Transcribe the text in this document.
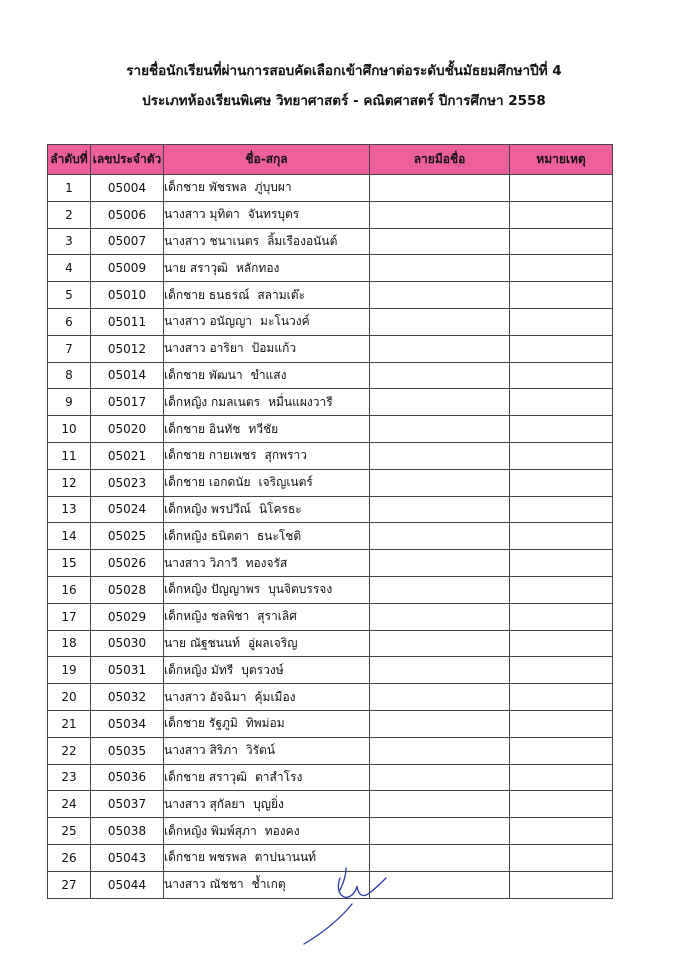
รายชื่อนักเรียนที่ผ่านการสอบคัดเลือกเข้าศึกษาต่อระดับชั้นมัธยมศึกษาปีที่ 4
ประเภทห้องเรียนพิเศษ วิทยาศาสตร์ - คณิตศาสตร์ ปีการศึกษา 2558
ลำดับที่	เลขประจำตัว	ชื่อ-สกุล	ลายมือชื่อ	หมายเหตุ
1	05004	เด็กชาย พัชรพล ภู่บุบผา		
2	05006	นางสาว มุทิตา จันทรบุตร		
3	05007	นางสาว ชนาเนตร ลิ้มเรืองอนันต์		
4	05009	นาย สราวุฒิ หลักทอง		
5	05010	เด็กชาย ธนธรณ์ สลามเต๊ะ		
6	05011	นางสาว อนัญญา มะโนวงค์		
7	05012	นางสาว อาริยา ป้อมแก้ว		
8	05014	เด็กชาย พัฒนา ขำแสง		
9	05017	เด็กหญิง กมลเนตร หมื่นแผงวารี		
10	05020	เด็กชาย อินทัช ทวีชัย		
11	05021	เด็กชาย กายเพชร สุกพราว		
12	05023	เด็กชาย เอกดนัย เจริญเนตร์		
13	05024	เด็กหญิง พรปวีณ์ นิโครธะ		
14	05025	เด็กหญิง ธนิตตา ธนะโชติ		
15	05026	นางสาว วิภาวี ทองจรัส		
16	05028	เด็กหญิง ปัญญาพร บุนจิตบรรจง		
17	05029	เด็กหญิง ชลพิชา สุราเลิศ		
18	05030	นาย ณัฐชนนท์ อู่ผลเจริญ		
19	05031	เด็กหญิง มัทรี บุตรวงษ์		
20	05032	นางสาว อัจฉิมา คุ้มเมือง		
21	05034	เด็กชาย รัฐภูมิ ทิพม่อม		
22	05035	นางสาว สิริภา วิรัตน์		
23	05036	เด็กชาย สราวุฒิ ตาสำโรง		
24	05037	นางสาว สุกัลยา บุญยิ่ง		
25	05038	เด็กหญิง พิมพ์สุภา ทองคง		
26	05043	เด็กชาย พชรพล ตาปนานนท์		
27	05044	นางสาว ณัชชา ช้ำเกตุ		
